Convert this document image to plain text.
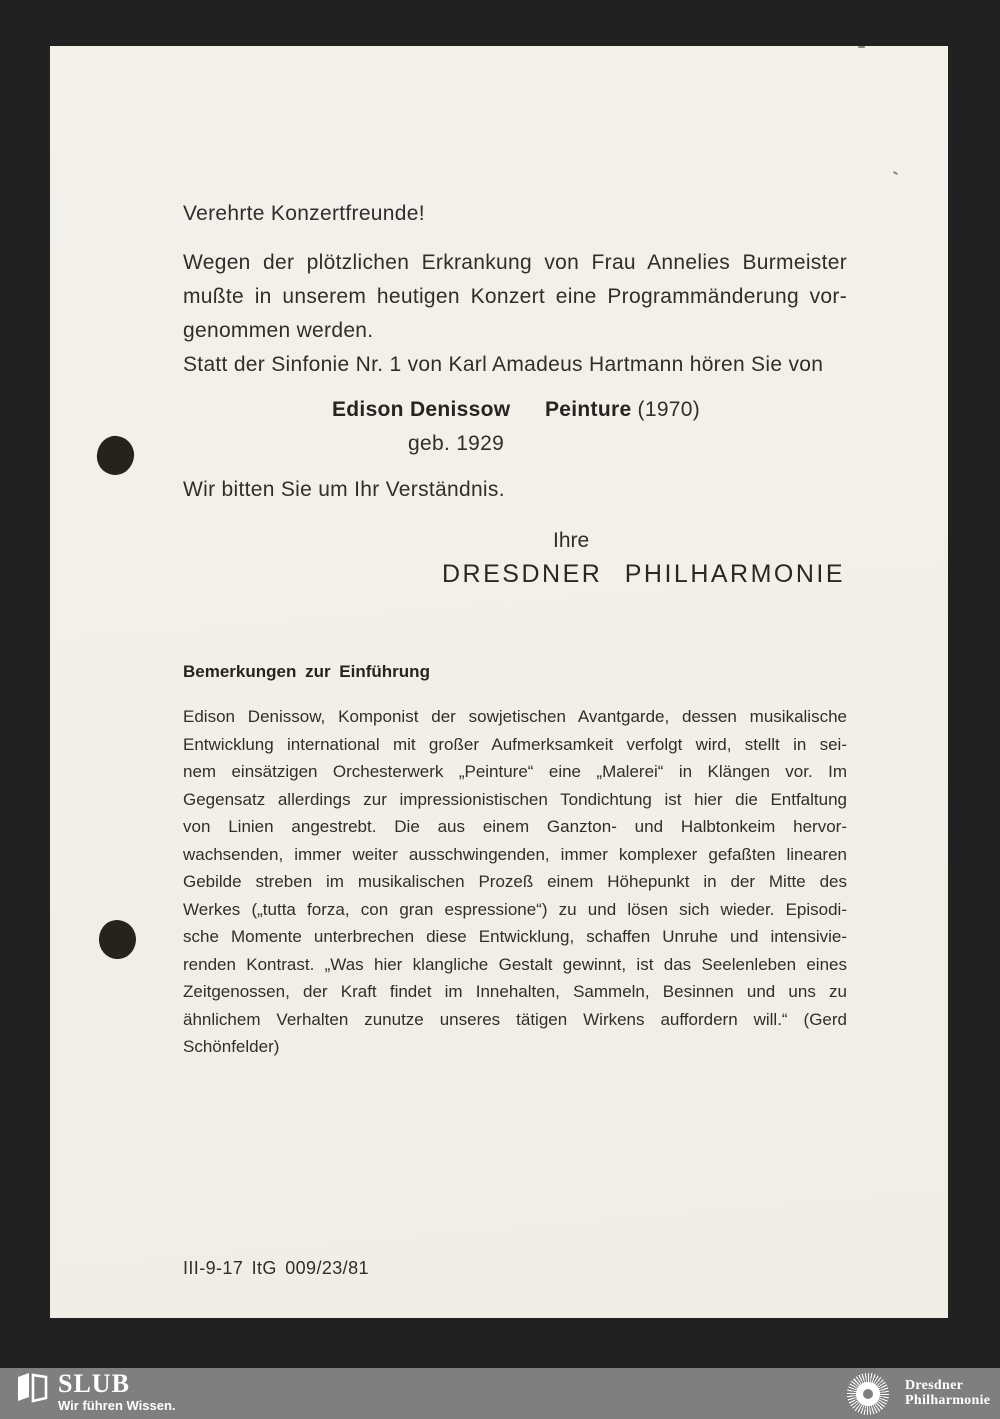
Verehrte Konzertfreunde!
Wegen der plötzlichen Erkrankung von Frau Annelies Burmeister
mußte in unserem heutigen Konzert eine Programmänderung vor-
genommen werden.
Statt der Sinfonie Nr. 1 von Karl Amadeus Hartmann hören Sie von
Edison Denissow Peinture (1970)
geb. 1929
Wir bitten Sie um Ihr Verständnis.
Ihre
DRESDNER PHILHARMONIE
Bemerkungen zur Einführung
Edison Denissow, Komponist der sowjetischen Avantgarde, dessen musikalische
Entwicklung international mit großer Aufmerksamkeit verfolgt wird, stellt in sei-
nem einsätzigen Orchesterwerk „Peinture“ eine „Malerei“ in Klängen vor. Im
Gegensatz allerdings zur impressionistischen Tondichtung ist hier die Entfaltung
von Linien angestrebt. Die aus einem Ganzton- und Halbtonkeim hervor-
wachsenden, immer weiter ausschwingenden, immer komplexer gefaßten linearen
Gebilde streben im musikalischen Prozeß einem Höhepunkt in der Mitte des
Werkes („tutta forza, con gran espressione“) zu und lösen sich wieder. Episodi-
sche Momente unterbrechen diese Entwicklung, schaffen Unruhe und intensivie-
renden Kontrast. „Was hier klangliche Gestalt gewinnt, ist das Seelenleben eines
Zeitgenossen, der Kraft findet im Innehalten, Sammeln, Besinnen und uns zu
ähnlichem Verhalten zunutze unseres tätigen Wirkens auffordern will.“ (Gerd
Schönfelder)
III-9-17 ItG 009/23/81
SLUB
Wir führen Wissen.
Dresdner
Philharmonie
